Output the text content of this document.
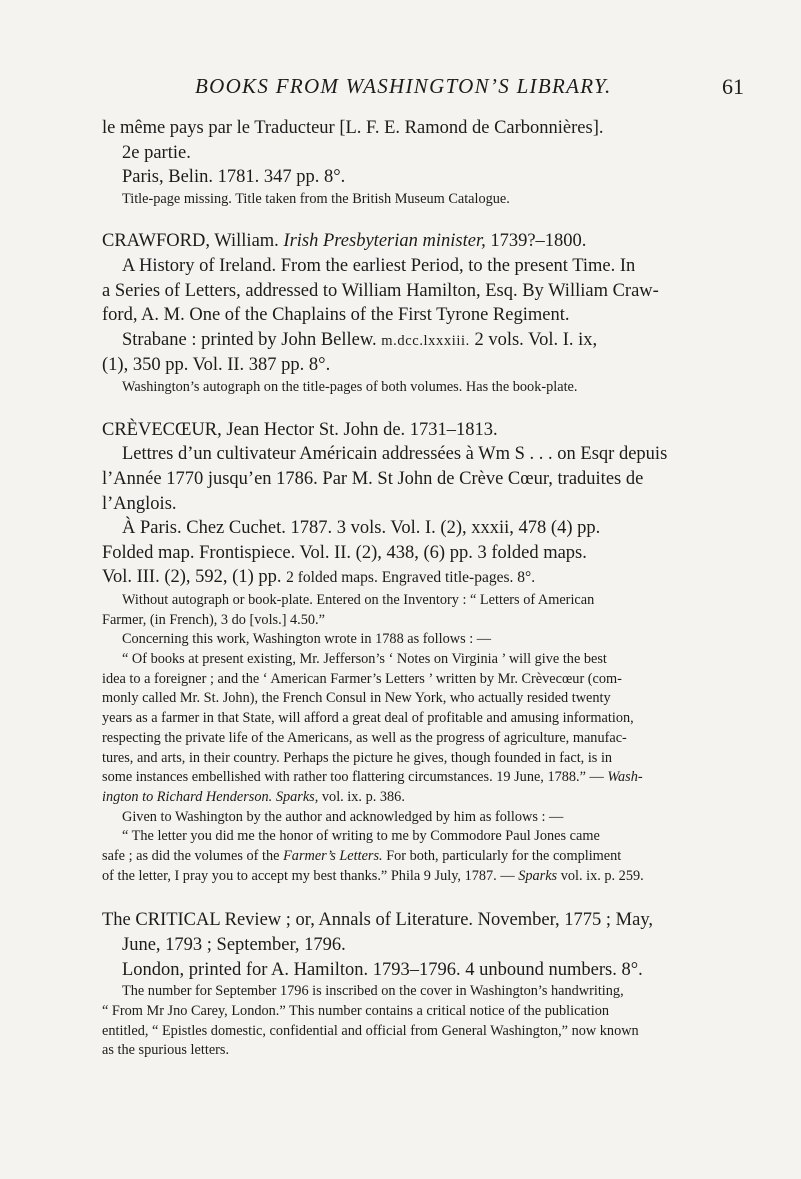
BOOKS FROM WASHINGTON’S LIBRARY.	61
le même pays par le Traducteur [L. F. E. Ramond de Carbonnières].
2e partie.
Paris, Belin. 1781. 347 pp. 8°.
Title-page missing. Title taken from the British Museum Catalogue.
CRAWFORD, William. Irish Presbyterian minister, 1739?–1800.
A History of Ireland. From the earliest Period, to the present Time. In
a Series of Letters, addressed to William Hamilton, Esq. By William Craw-
ford, A. M. One of the Chaplains of the First Tyrone Regiment.
Strabane : printed by John Bellew. m.dcc.lxxxiii. 2 vols. Vol. I. ix,
(1), 350 pp. Vol. II. 387 pp. 8°.
Washington’s autograph on the title-pages of both volumes. Has the book-plate.
CRÈVECŒUR, Jean Hector St. John de. 1731–1813.
Lettres d’un cultivateur Américain addressées à Wm S . . . on Esqr depuis
l’Année 1770 jusqu’en 1786. Par M. St John de Crève Cœur, traduites de
l’Anglois.
À Paris. Chez Cuchet. 1787. 3 vols. Vol. I. (2), xxxii, 478 (4) pp.
Folded map. Frontispiece. Vol. II. (2), 438, (6) pp. 3 folded maps.
Vol. III. (2), 592, (1) pp. 2 folded maps. Engraved title-pages. 8°.
Without autograph or book-plate. Entered on the Inventory : “ Letters of American
Farmer, (in French), 3 do [vols.] 4.50.”
Concerning this work, Washington wrote in 1788 as follows : —
“ Of books at present existing, Mr. Jefferson’s ‘ Notes on Virginia ’ will give the best
idea to a foreigner ; and the ‘ American Farmer’s Letters ’ written by Mr. Crèvecœur (com-
monly called Mr. St. John), the French Consul in New York, who actually resided twenty
years as a farmer in that State, will afford a great deal of profitable and amusing information,
respecting the private life of the Americans, as well as the progress of agriculture, manufac-
tures, and arts, in their country. Perhaps the picture he gives, though founded in fact, is in
some instances embellished with rather too flattering circumstances. 19 June, 1788.” — Wash-
ington to Richard Henderson. Sparks, vol. ix. p. 386.
Given to Washington by the author and acknowledged by him as follows : —
“ The letter you did me the honor of writing to me by Commodore Paul Jones came
safe ; as did the volumes of the Farmer’s Letters. For both, particularly for the compliment
of the letter, I pray you to accept my best thanks.” Phila 9 July, 1787. — Sparks vol. ix. p. 259.
The CRITICAL Review ; or, Annals of Literature. November, 1775 ; May,
June, 1793 ; September, 1796.
London, printed for A. Hamilton. 1793–1796. 4 unbound numbers. 8°.
The number for September 1796 is inscribed on the cover in Washington’s handwriting,
“ From Mr Jno Carey, London.” This number contains a critical notice of the publication
entitled, “ Epistles domestic, confidential and official from General Washington,” now known
as the spurious letters.
